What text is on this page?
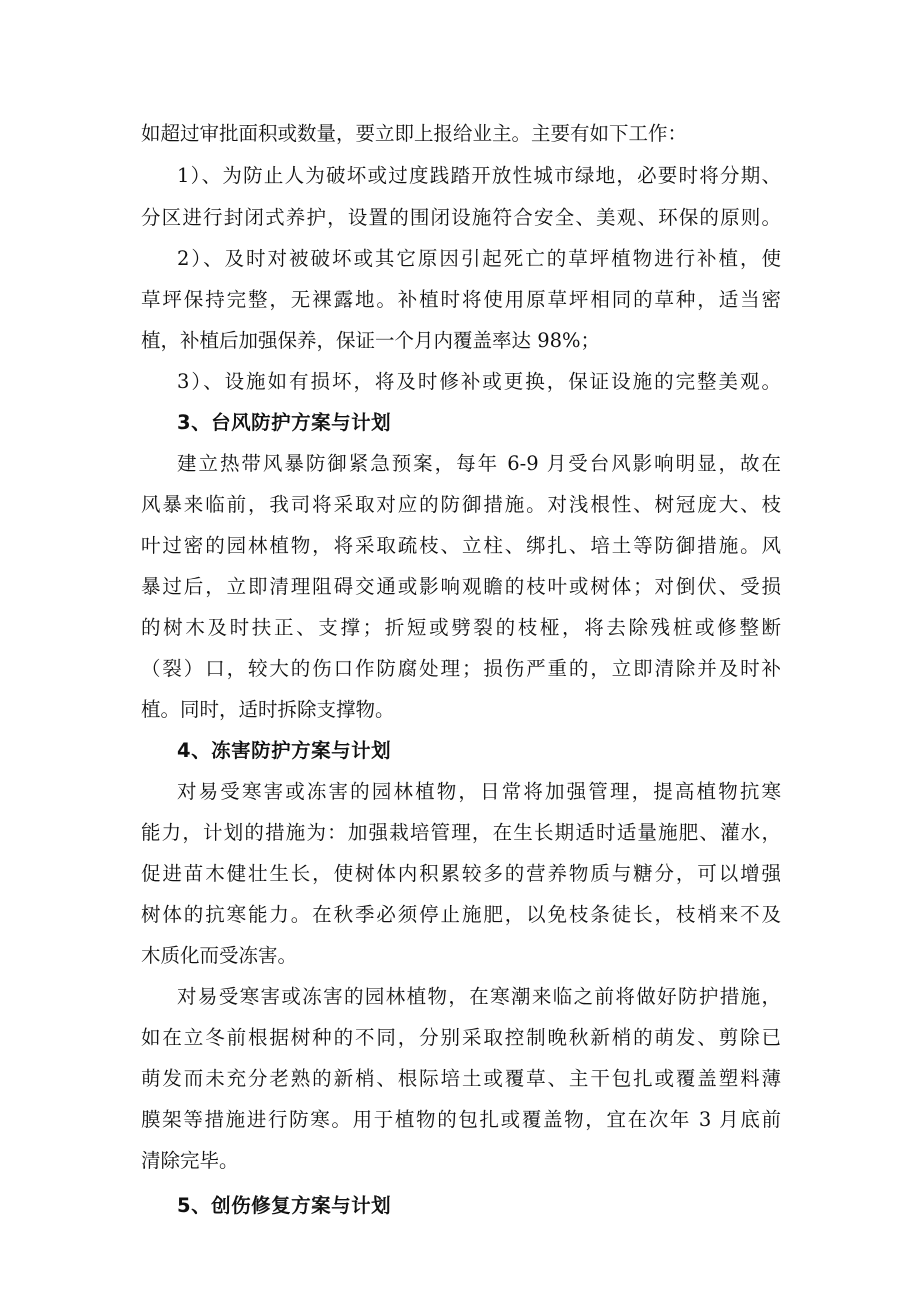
如超过审批面积或数量，要立即上报给业主。主要有如下工作：
1）、为防止人为破坏或过度践踏开放性城市绿地，必要时将分期、
分区进行封闭式养护，设置的围闭设施符合安全、美观、环保的原则。
2）、及时对被破坏或其它原因引起死亡的草坪植物进行补植，使
草坪保持完整，无裸露地。补植时将使用原草坪相同的草种，适当密
植，补植后加强保养，保证一个月内覆盖率达 98%；
3）、设施如有损坏，将及时修补或更换，保证设施的完整美观。
3、台风防护方案与计划
建立热带风暴防御紧急预案，每年 6-9 月受台风影响明显，故在
风暴来临前，我司将采取对应的防御措施。对浅根性、树冠庞大、枝
叶过密的园林植物，将采取疏枝、立柱、绑扎、培土等防御措施。风
暴过后，立即清理阻碍交通或影响观瞻的枝叶或树体；对倒伏、受损
的树木及时扶正、支撑；折短或劈裂的枝桠，将去除残桩或修整断
（裂）口，较大的伤口作防腐处理；损伤严重的，立即清除并及时补
植。同时，适时拆除支撑物。
4、冻害防护方案与计划
对易受寒害或冻害的园林植物，日常将加强管理，提高植物抗寒
能力，计划的措施为：加强栽培管理，在生长期适时适量施肥、灌水，
促进苗木健壮生长，使树体内积累较多的营养物质与糖分，可以增强
树体的抗寒能力。在秋季必须停止施肥，以免枝条徒长，枝梢来不及
木质化而受冻害。
对易受寒害或冻害的园林植物，在寒潮来临之前将做好防护措施，
如在立冬前根据树种的不同，分别采取控制晚秋新梢的萌发、剪除已
萌发而未充分老熟的新梢、根际培土或覆草、主干包扎或覆盖塑料薄
膜架等措施进行防寒。用于植物的包扎或覆盖物，宜在次年 3 月底前
清除完毕。
5、创伤修复方案与计划
